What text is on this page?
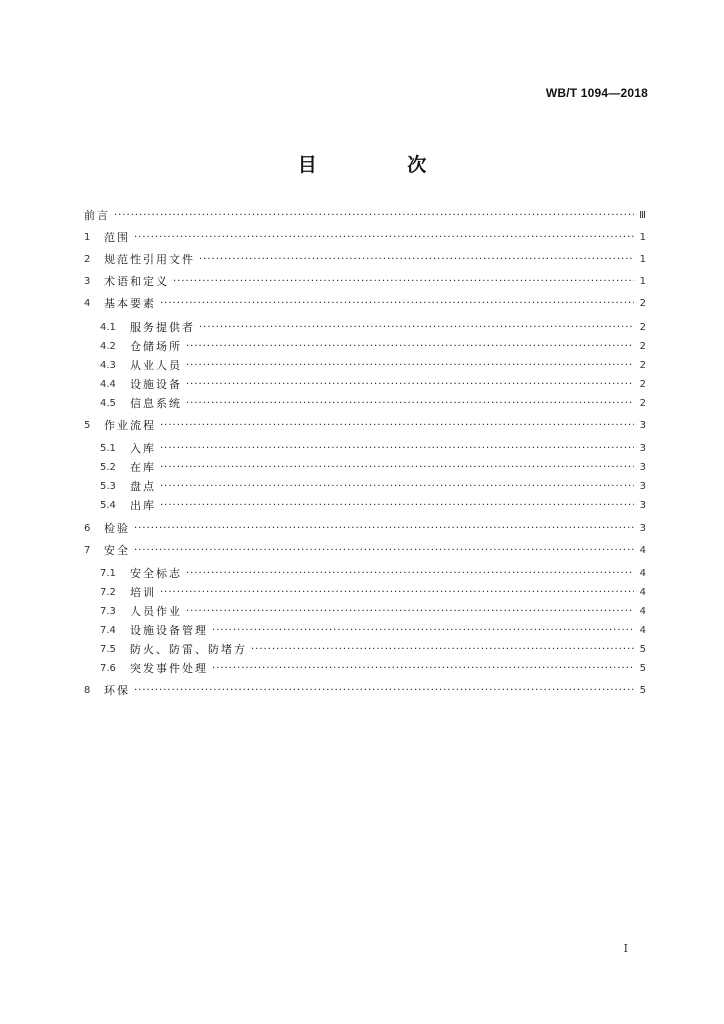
WB/T 1094—2018
目 次
前言 ·····	Ⅲ
1	范围 ·····	1
2	规范性引用文件 ·····	1
3	术语和定义 ·····	1
4	基本要素 ·····	2
4.1	服务提供者 ·····	2
4.2	仓储场所 ·····	2
4.3	从业人员 ·····	2
4.4	设施设备 ·····	2
4.5	信息系统 ·····	2
5	作业流程 ·····	3
5.1	入库 ·····	3
5.2	在库 ·····	3
5.3	盘点 ·····	3
5.4	出库 ·····	3
6	检验 ·····	3
7	安全 ·····	4
7.1	安全标志 ·····	4
7.2	培训 ·····	4
7.3	人员作业 ·····	4
7.4	设施设备管理 ·····	4
7.5	防火、防雷、防堵方 ·····	5
7.6	突发事件处理 ·····	5
8	环保 ·····	5
I
